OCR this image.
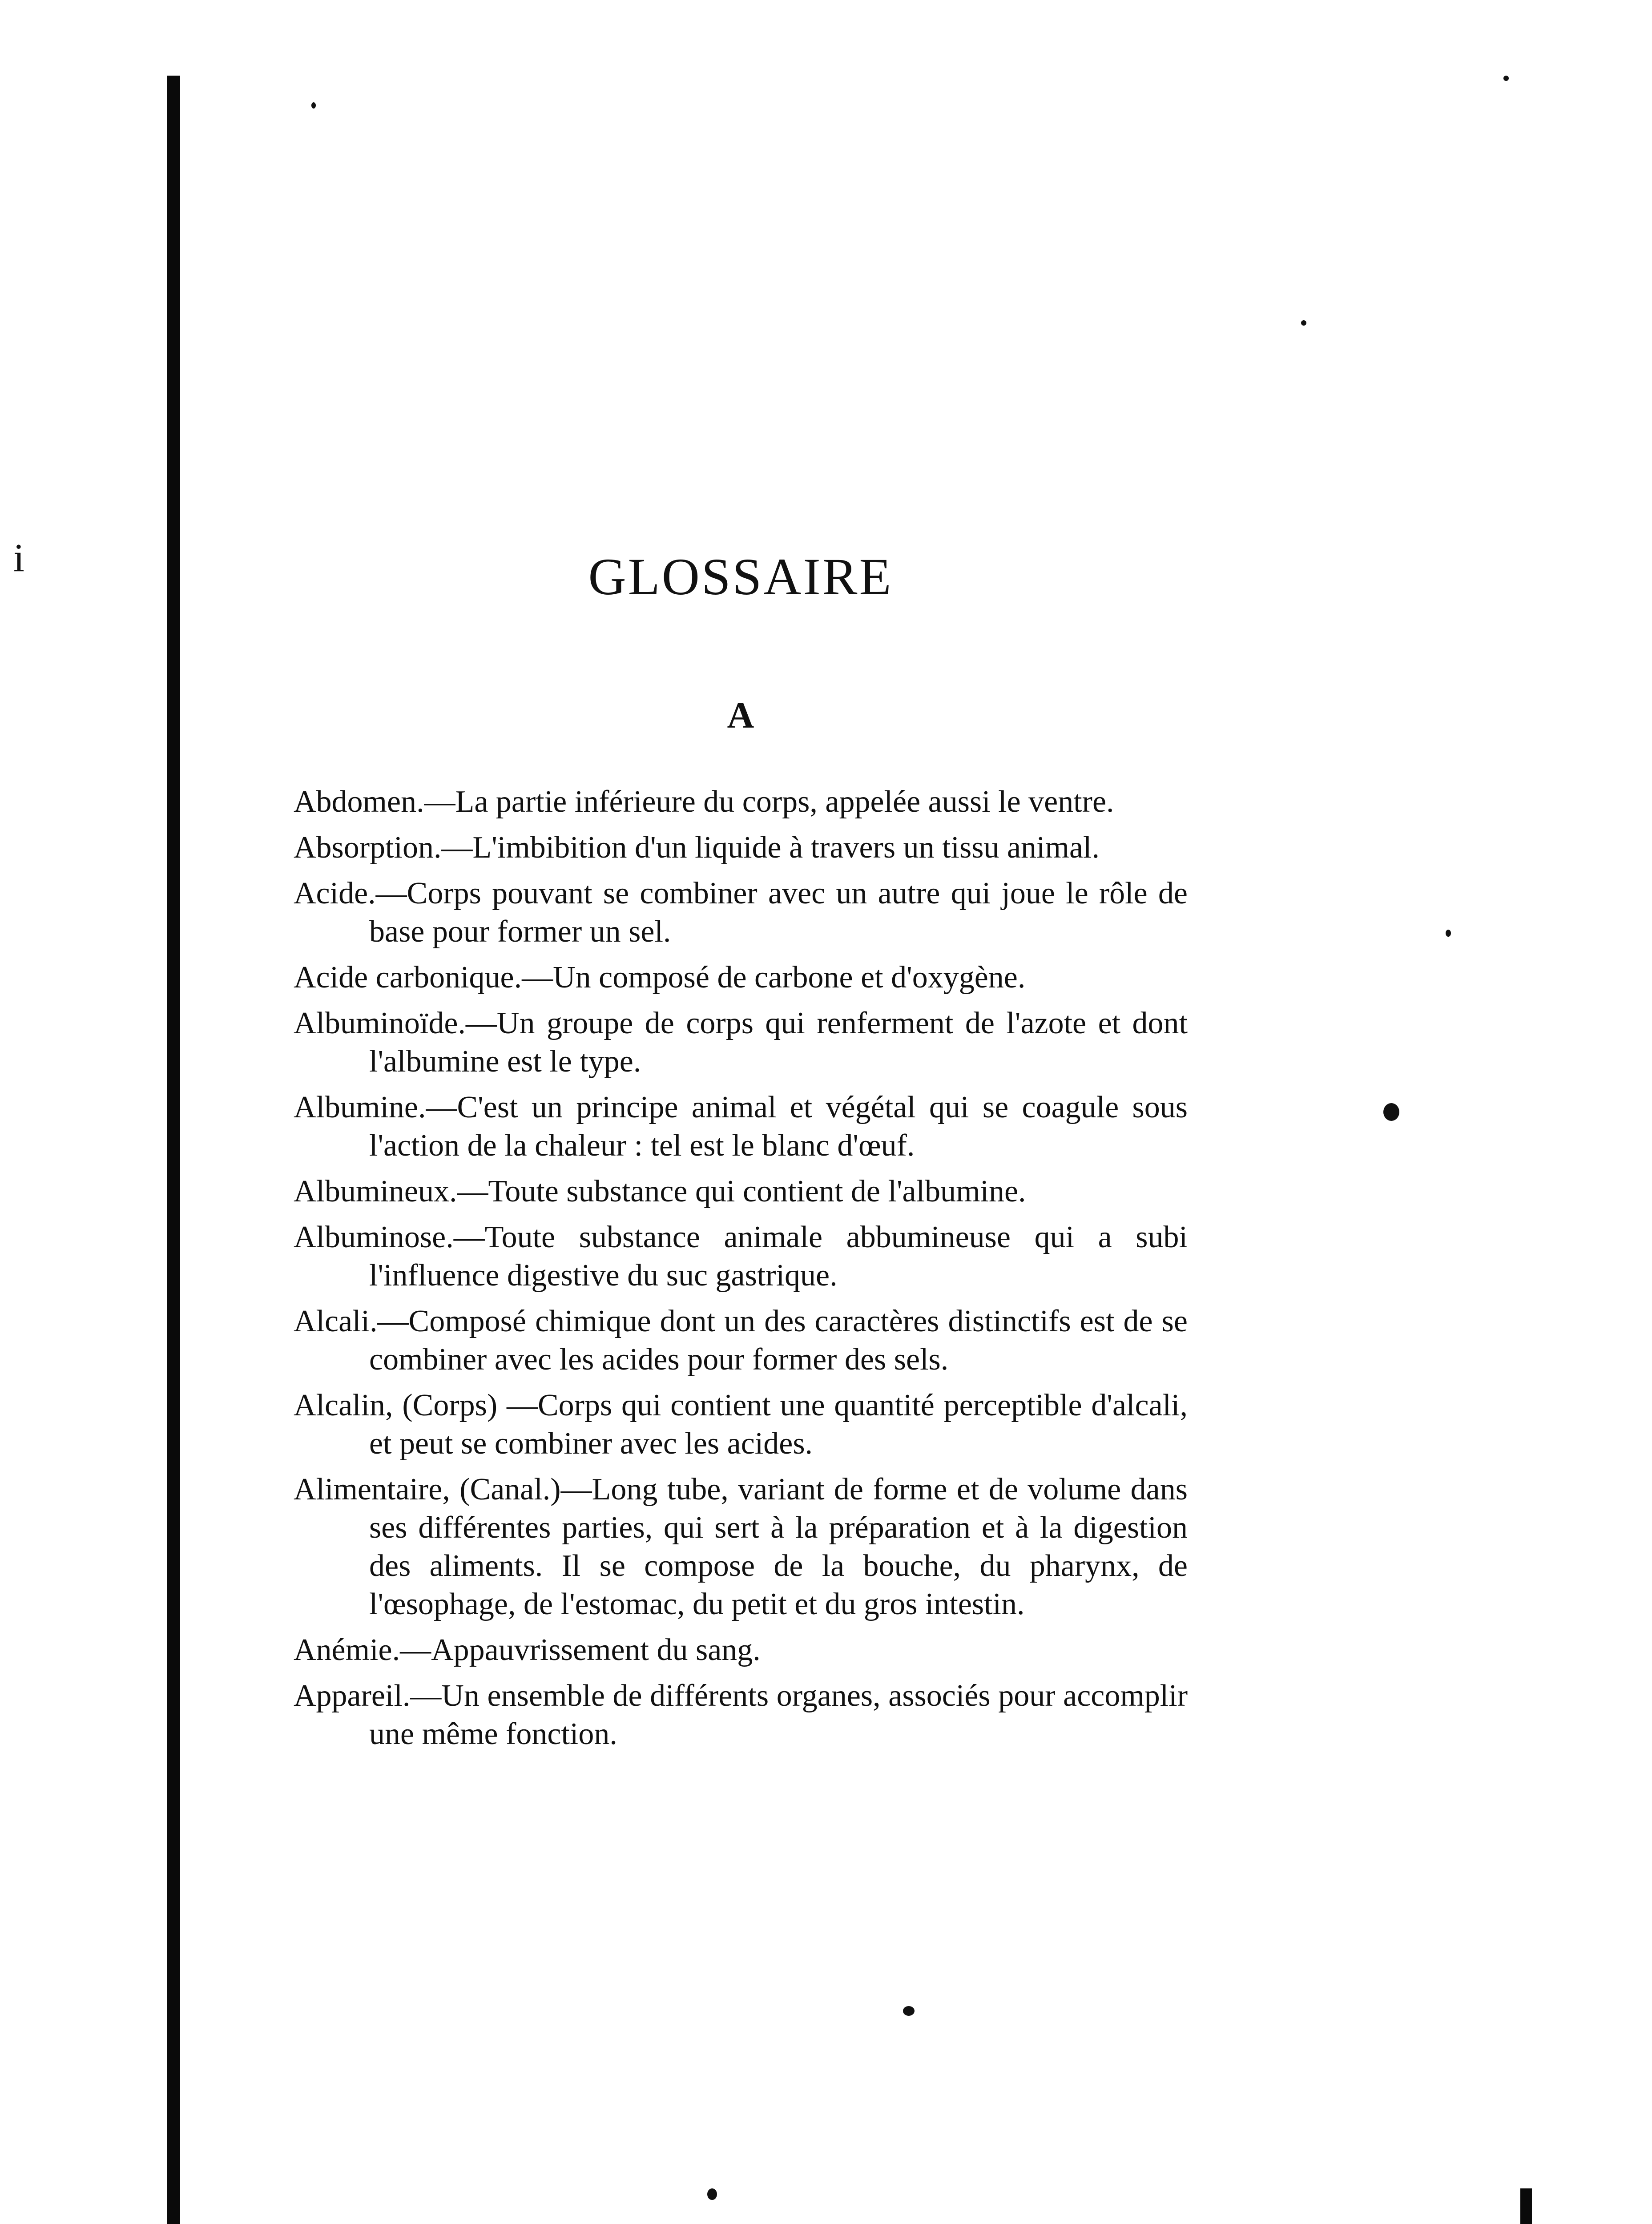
i	GLOSSAIRE
A
Abdomen.—La partie inférieure du corps, appelée aussi le ventre.
Absorption.—L'imbibition d'un liquide à travers un tissu animal.
Acide.—Corps pouvant se combiner avec un autre qui joue le rôle de base pour former un sel.
Acide carbonique.—Un composé de carbone et d'oxygène.
Albuminoïde.—Un groupe de corps qui renferment de l'azote et dont l'albumine est le type.
Albumine.—C'est un principe animal et végétal qui se coagule sous l'action de la chaleur : tel est le blanc d'œuf.
Albumineux.—Toute substance qui contient de l'albumine.
Albuminose.—Toute substance animale abbumineuse qui a subi l'influence digestive du suc gastrique.
Alcali.—Composé chimique dont un des caractères distinctifs est de se combiner avec les acides pour former des sels.
Alcalin, (Corps) —Corps qui contient une quantité perceptible d'alcali, et peut se combiner avec les acides.
Alimentaire, (Canal.)—Long tube, variant de forme et de volume dans ses différentes parties, qui sert à la préparation et à la digestion des aliments. Il se compose de la bouche, du pharynx, de l'œsophage, de l'estomac, du petit et du gros intestin.
Anémie.—Appauvrissement du sang.
Appareil.—Un ensemble de différents organes, associés pour accomplir une même fonction.
